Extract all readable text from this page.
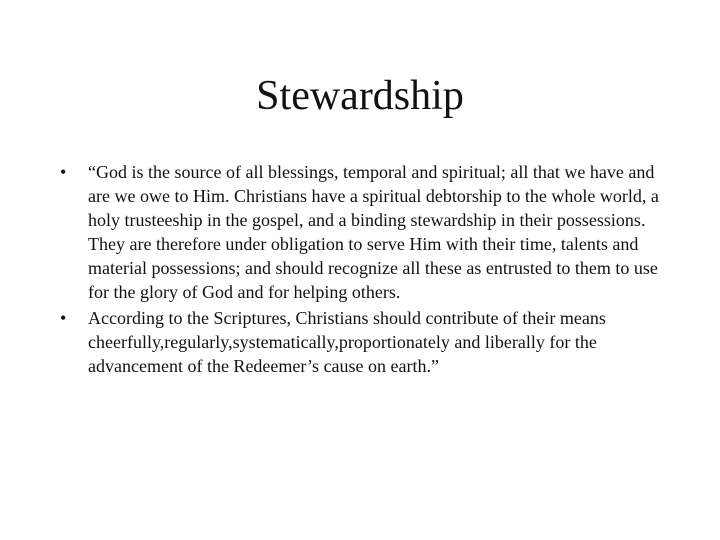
Stewardship
•	“God is the source of all blessings, temporal and spiritual; all that we have and are we owe to Him. Christians have a spiritual debtorship to the whole world, a holy trusteeship in the gospel, and a binding stewardship in their possessions. They are therefore under obligation to serve Him with their time, talents and material possessions; and should recognize all these as entrusted to them to use for the glory of God and for helping others.
•	According to the Scriptures, Christians should contribute of their means cheerfully,regularly,systematically,proportionately and liberally for the advancement of the Redeemer’s cause on earth.”
